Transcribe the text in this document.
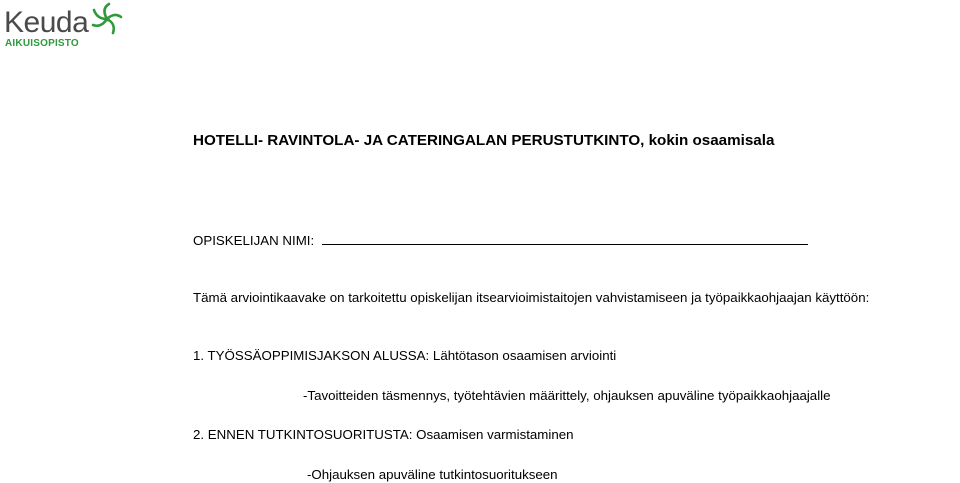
Keuda
AIKUISOPISTO
HOTELLI- RAVINTOLA- JA CATERINGALAN PERUSTUTKINTO, kokin osaamisala
OPISKELIJAN NIMI:
Tämä arviointikaavake on tarkoitettu opiskelijan itsearvioimistaitojen vahvistamiseen ja työpaikkaohjaajan käyttöön:
1. TYÖSSÄOPPIMISJAKSON ALUSSA: Lähtötason osaamisen arviointi
-Tavoitteiden täsmennys, työtehtävien määrittely, ohjauksen apuväline työpaikkaohjaajalle
2. ENNEN TUTKINTOSUORITUSTA: Osaamisen varmistaminen
-Ohjauksen apuväline tutkintosuoritukseen
